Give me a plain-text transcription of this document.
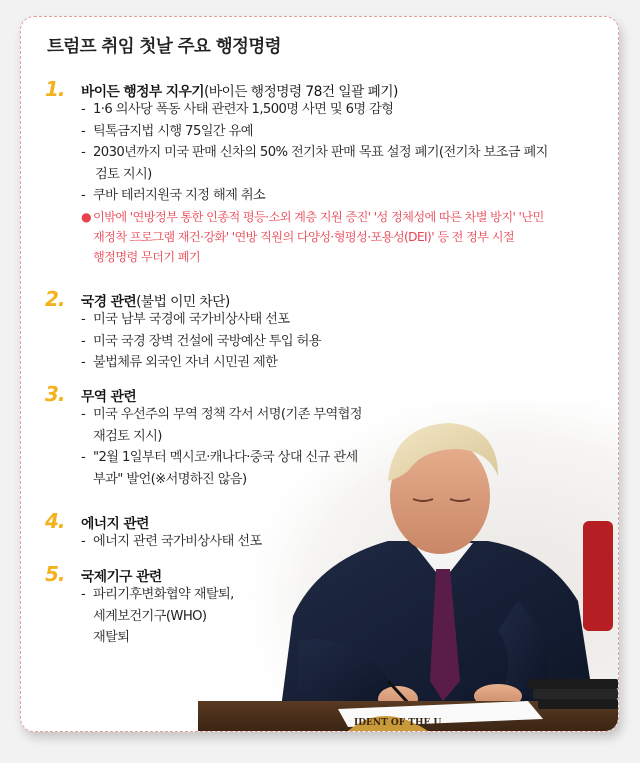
트럼프 취임 첫날 주요 행정명령
IDENT OF THE U
1.	바이든 행정부 지우기(바이든 행정명령 78건 일괄 폐기)
- 1·6 의사당 폭동 사태 관련자 1,500명 사면 및 6명 감형
- 틱톡금지법 시행 75일간 유예
- 2030년까지 미국 판매 신차의 50% 전기차 판매 목표 설정 폐기(전기차 보조금 폐지
검토 지시)
- 쿠바 테러지원국 지정 해제 취소
● 이밖에 '연방정부 통한 인종적 평등·소외 계층 지원 증진' '성 정체성에 따른 차별 방지' '난민
재정착 프로그램 재건·강화' '연방 직원의 다양성·형평성·포용성(DEI)' 등 전 정부 시절
행정명령 무더기 폐기
2.	국경 관련(불법 이민 차단)
- 미국 남부 국경에 국가비상사태 선포
- 미국 국경 장벽 건설에 국방예산 투입 허용
- 불법체류 외국인 자녀 시민권 제한
3.	무역 관련
- 미국 우선주의 무역 정책 각서 서명(기존 무역협정
재검토 지시)
- "2월 1일부터 멕시코·캐나다·중국 상대 신규 관세
부과" 발언(※서명하진 않음)
4.	에너지 관련
- 에너지 관련 국가비상사태 선포
5.	국제기구 관련
- 파리기후변화협약 재탈퇴,
세계보건기구(WHO)
재탈퇴
